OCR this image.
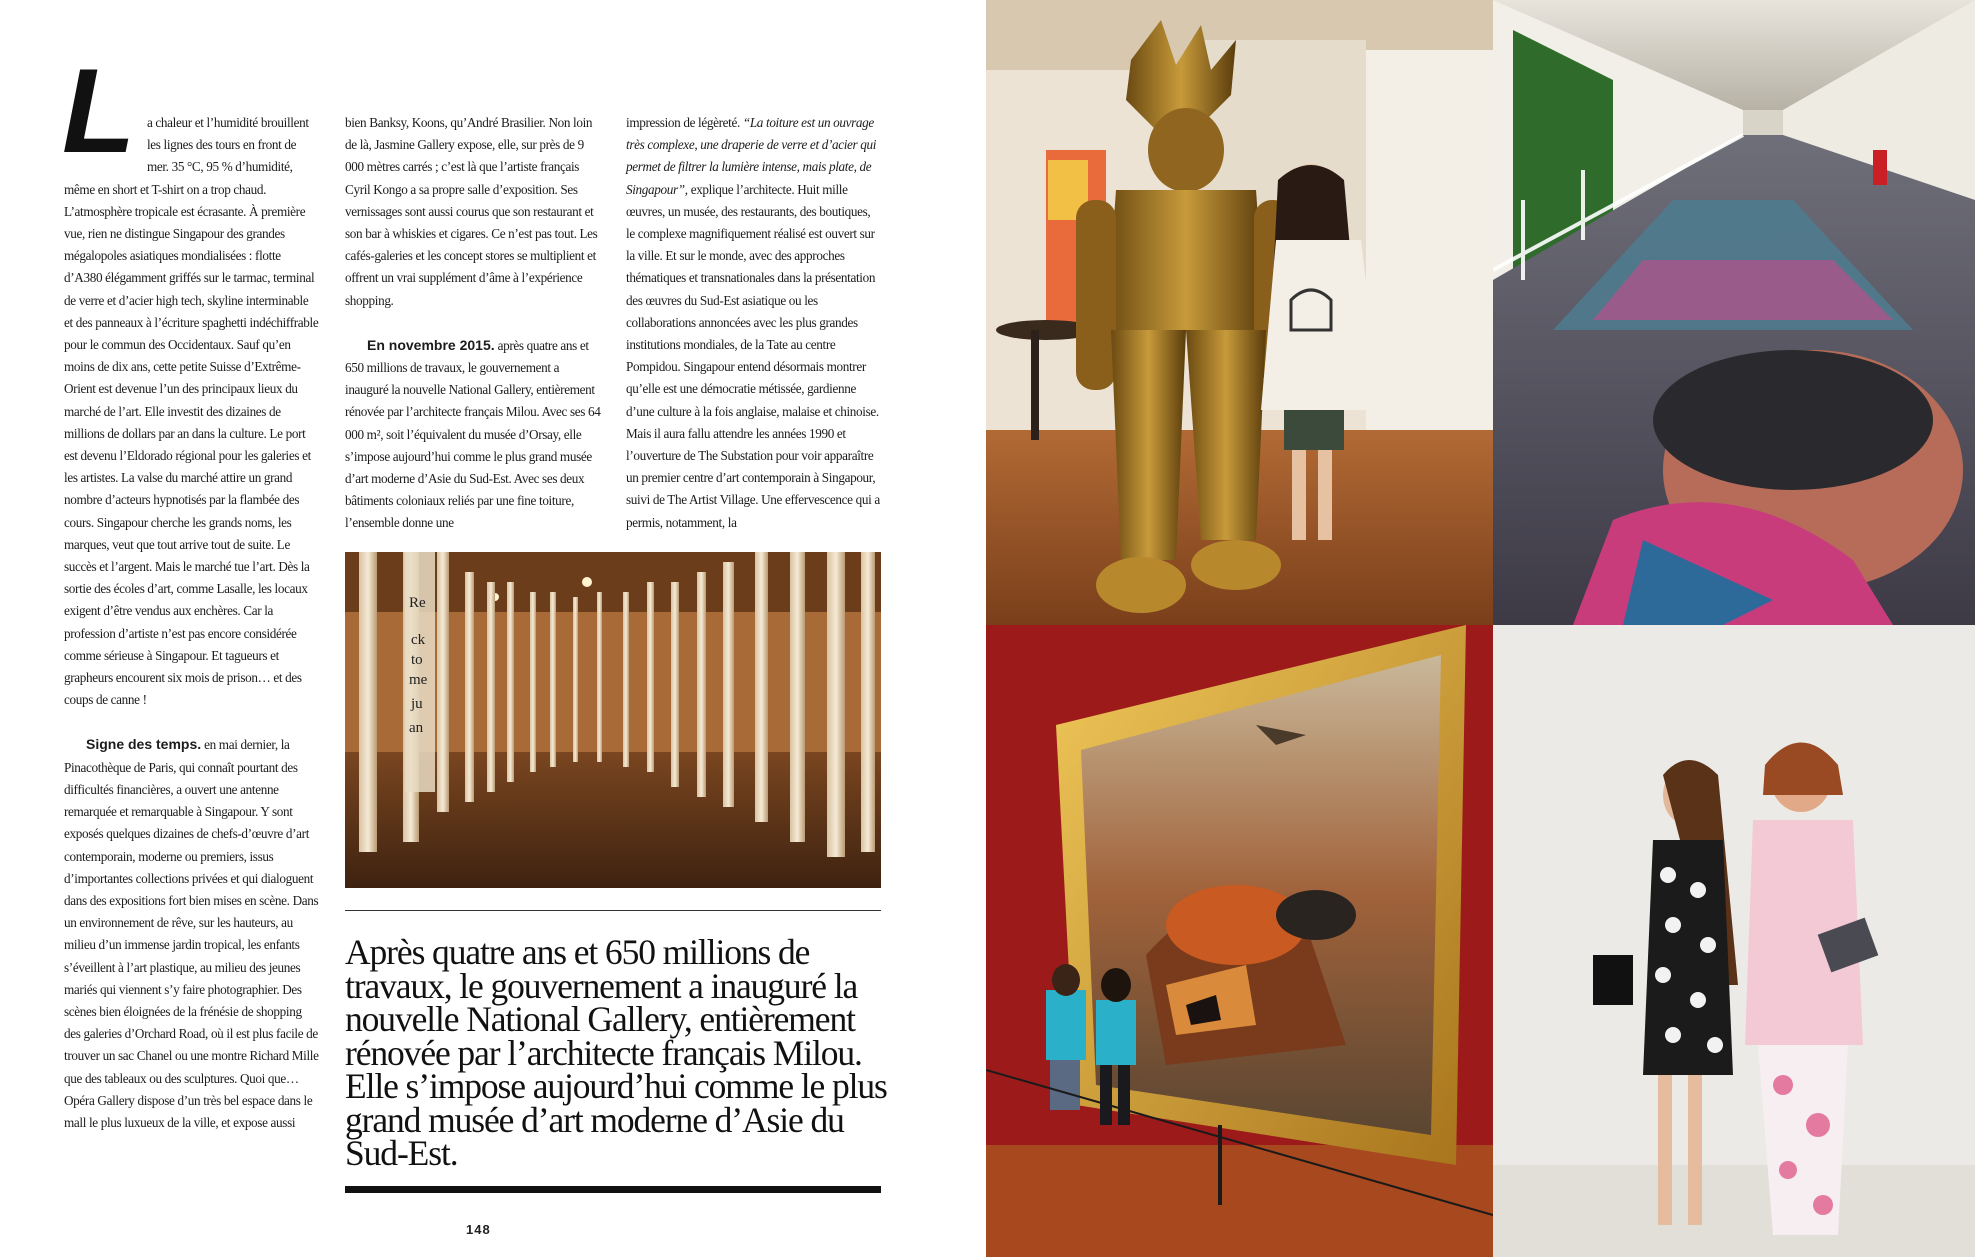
La chaleur et l’humidité brouillent les lignes des tours en front de mer. 35 °C, 95 % d’humidité, même en short et T-shirt on a trop chaud. L’atmosphère tropicale est écrasante. À première vue, rien ne distingue Singapour des grandes mégalopoles asiatiques mondialisées : flotte d’A380 élégamment griffés sur le tarmac, terminal de verre et d’acier high tech, skyline interminable et des panneaux à l’écriture spaghetti indéchiffrable pour le commun des Occidentaux. Sauf qu’en moins de dix ans, cette petite Suisse d’Extrême-Orient est devenue l’un des principaux lieux du marché de l’art. Elle investit des dizaines de millions de dollars par an dans la culture. Le port est devenu l’Eldorado régional pour les galeries et les artistes. La valse du marché attire un grand nombre d’acteurs hypnotisés par la flambée des cours. Singapour cherche les grands noms, les marques, veut que tout arrive tout de suite. Le succès et l’argent. Mais le marché tue l’art. Dès la sortie des écoles d’art, comme Lasalle, les locaux exigent d’être vendus aux enchères. Car la profession d’artiste n’est pas encore considérée comme sérieuse à Singapour. Et tagueurs et grapheurs encourent six mois de prison… et des coups de canne !

Signe des temps. en mai dernier, la Pinacothèque de Paris, qui connaît pourtant des difficultés financières, a ouvert une antenne remarquée et remarquable à Singapour. Y sont exposés quelques dizaines de chefs-d’œuvre d’art contemporain, moderne ou premiers, issus d’importantes collections privées et qui dialoguent dans des expositions fort bien mises en scène. Dans un environnement de rêve, sur les hauteurs, au milieu d’un immense jardin tropical, les enfants s’éveillent à l’art plastique, au milieu des jeunes mariés qui viennent s’y faire photographier. Des scènes bien éloignées de la frénésie de shopping des galeries d’Orchard Road, où il est plus facile de trouver un sac Chanel ou une montre Richard Mille que des tableaux ou des sculptures. Quoi que… Opéra Gallery dispose d’un très bel espace dans le mall le plus luxueux de la ville, et expose aussi

bien Banksy, Koons, qu’André Brasilier. Non loin de là, Jasmine Gallery expose, elle, sur près de 9 000 mètres carrés ; c’est là que l’artiste français Cyril Kongo a sa propre salle d’exposition. Ses vernissages sont aussi courus que son restaurant et son bar à whiskies et cigares. Ce n’est pas tout. Les cafés-galeries et les concept stores se multiplient et offrent un vrai supplément d’âme à l’expérience shopping.

En novembre 2015. après quatre ans et 650 millions de travaux, le gouvernement a inauguré la nouvelle National Gallery, entièrement rénovée par l’architecte français Milou. Avec ses 64 000 m², soit l’équivalent du musée d’Orsay, elle s’impose aujourd’hui comme le plus grand musée d’art moderne d’Asie du Sud-Est. Avec ses deux bâtiments coloniaux reliés par une fine toiture, l’ensemble donne une

impression de légèreté. “La toiture est un ouvrage très complexe, une draperie de verre et d’acier qui permet de filtrer la lumière intense, mais plate, de Singapour”, explique l’architecte. Huit mille œuvres, un musée, des restaurants, des boutiques, le complexe magnifiquement réalisé est ouvert sur la ville. Et sur le monde, avec des approches thématiques et transnationales dans la présentation des œuvres du Sud-Est asiatique ou les collaborations annoncées avec les plus grandes institutions mondiales, de la Tate au centre Pompidou. Singapour entend désormais montrer qu’elle est une démocratie métissée, gardienne d’une culture à la fois anglaise, malaise et chinoise. Mais il aura fallu attendre les années 1990 et l’ouverture de The Substation pour voir apparaître un premier centre d’art contemporain à Singapour, suivi de The Artist Village. Une effervescence qui a permis, notamment, la

Re
ck
to
me
ju
an
Après quatre ans et 650 millions de travaux, le gouvernement a inauguré la nouvelle National Gallery, entièrement rénovée par l’architecte français Milou. Elle s’impose aujourd’hui comme le plus grand musée d’art moderne d’Asie du Sud-Est.
148
